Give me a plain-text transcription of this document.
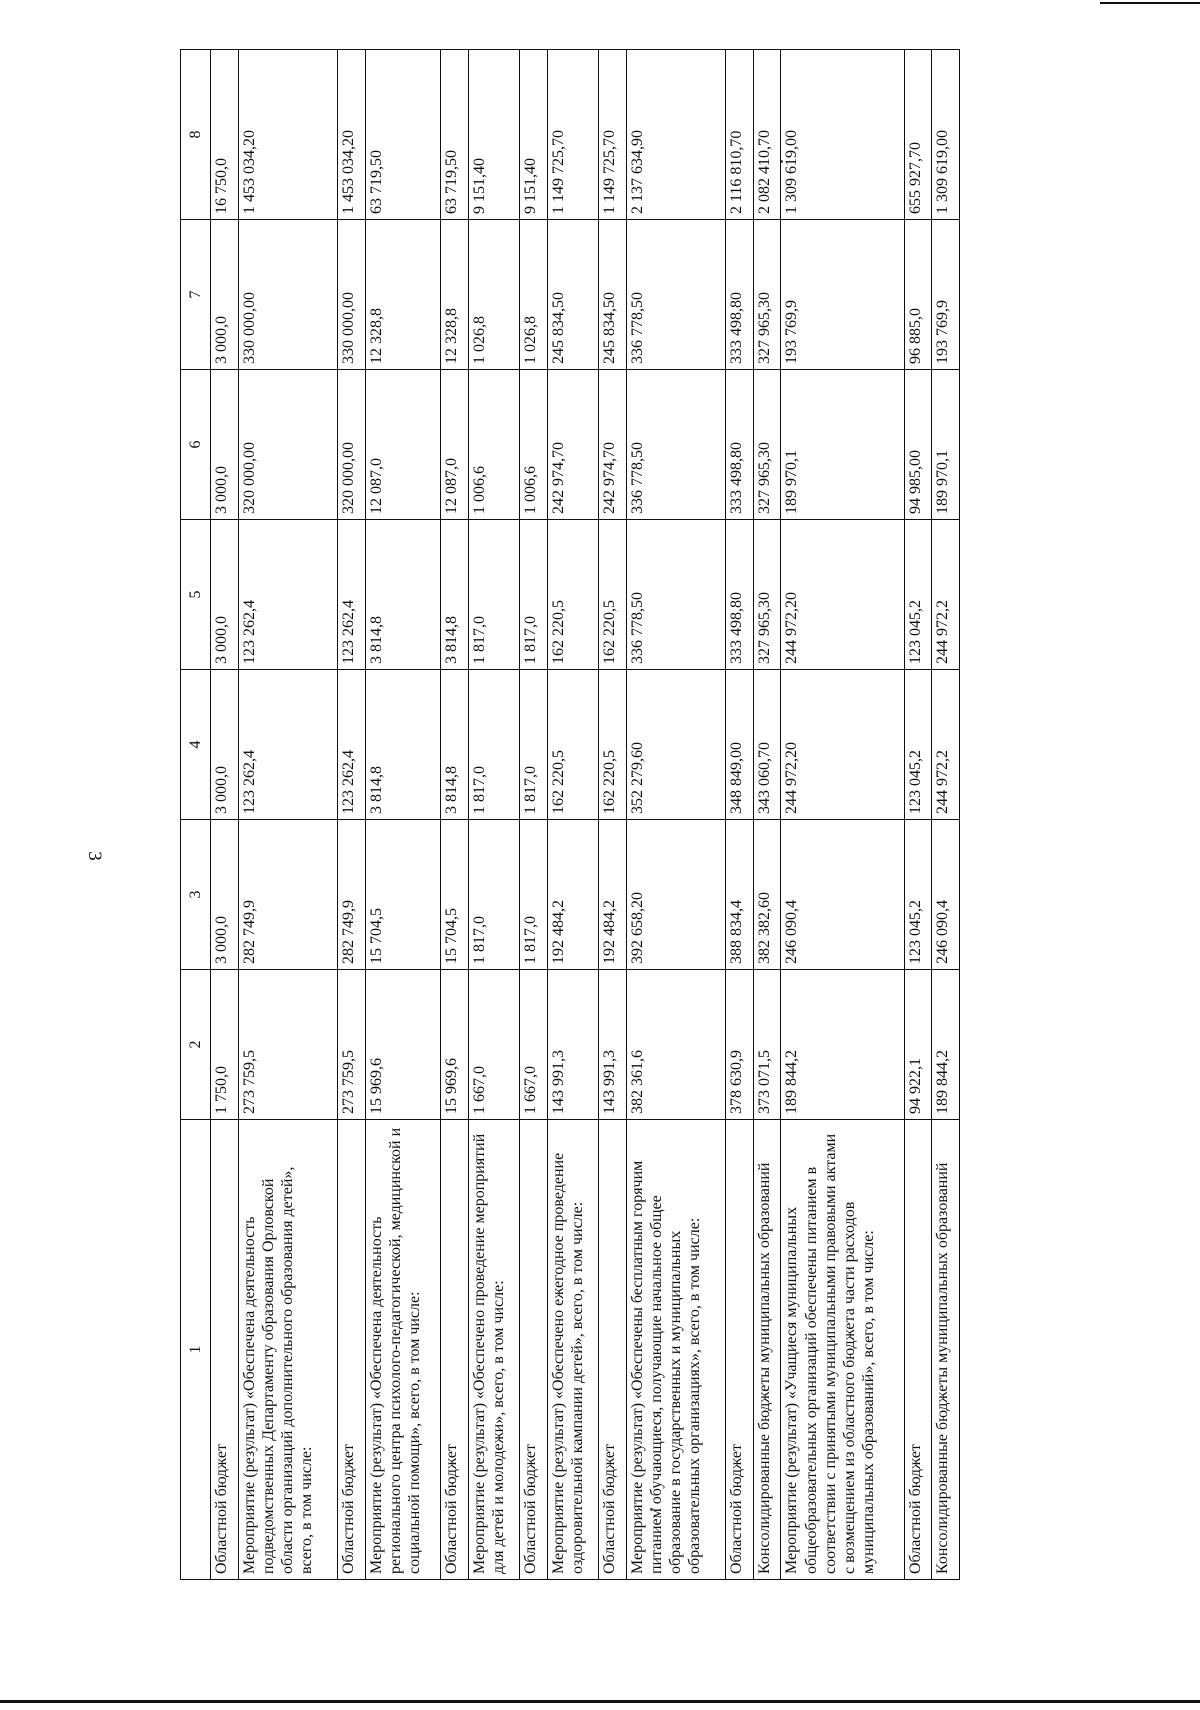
3
1	2	3	4	5	6	7	8
Областной бюджет	1 750,0	3 000,0	3 000,0	3 000,0	3 000,0	3 000,0	16 750,0
Мероприятие (результат) «Обеспечена деятельность подведомственных Департаменту образования Орловской области организаций дополнительного образования детей», всего, в том числе:	273 759,5	282 749,9	123 262,4	123 262,4	320 000,00	330 000,00	1 453 034,20
Областной бюджет	273 759,5	282 749,9	123 262,4	123 262,4	320 000,00	330 000,00	1 453 034,20
Мероприятие (результат) «Обеспечена деятельность регионального центра психолого-педагогической, медицинской и социальной помощи», всего, в том числе:	15 969,6	15 704,5	3 814,8	3 814,8	12 087,0	12 328,8	63 719,50
Областной бюджет	15 969,6	15 704,5	3 814,8	3 814,8	12 087,0	12 328,8	63 719,50
Мероприятие (результат) «Обеспечено проведение мероприятий для детей и молодежи», всего, в том числе:	1 667,0	1 817,0	1 817,0	1 817,0	1 006,6	1 026,8	9 151,40
Областной бюджет	1 667,0	1 817,0	1 817,0	1 817,0	1 006,6	1 026,8	9 151,40
Мероприятие (результат) «Обеспечено ежегодное проведение оздоровительной кампании детей», всего, в том числе:	143 991,3	192 484,2	162 220,5	162 220,5	242 974,70	245 834,50	1 149 725,70
Областной бюджет	143 991,3	192 484,2	162 220,5	162 220,5	242 974,70	245 834,50	1 149 725,70
Мероприятие (результат) «Обеспечены бесплатным горячим питанием обучающиеся, получающие начальное общее образование в государственных и муниципальных образовательных организациях», всего, в том числе:	382 361,6	392 658,20	352 279,60	336 778,50	336 778,50	336 778,50	2 137 634,90
Областной бюджет	378 630,9	388 834,4	348 849,00	333 498,80	333 498,80	333 498,80	2 116 810,70
Консолидированные бюджеты муниципальных образований	373 071,5	382 382,60	343 060,70	327 965,30	327 965,30	327 965,30	2 082 410,70
Мероприятие (результат) «Учащиеся муниципальных общеобразовательных организаций обеспечены питанием в соответствии с принятыми муниципальными правовыми актами с возмещением из областного бюджета части расходов муниципальных образований», всего, в том числе:	189 844,2	246 090,4	244 972,20	244 972,20	189 970,1	193 769,9	1 309 619,00
Областной бюджет	94 922,1	123 045,2	123 045,2	123 045,2	94 985,00	96 885,0	655 927,70
Консолидированные бюджеты муниципальных образований	189 844,2	246 090,4	244 972,2	244 972,2	189 970,1	193 769,9	1 309 619,00
